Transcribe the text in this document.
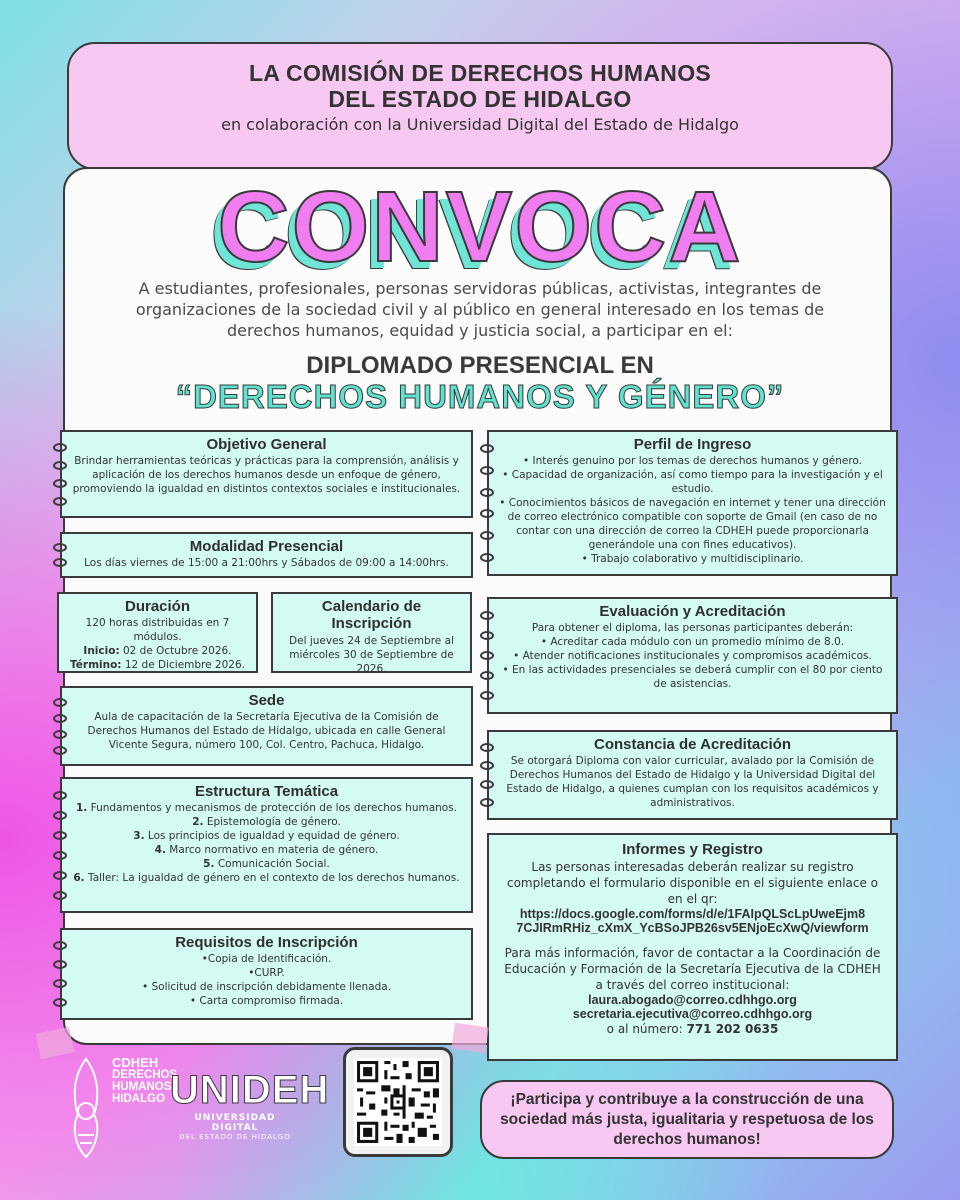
LA COMISIÓN DE DERECHOS HUMANOS
DEL ESTADO DE HIDALGO
en colaboración con la Universidad Digital del Estado de Hidalgo
CONVOCA
A estudiantes, profesionales, personas servidoras públicas, activistas, integrantes de organizaciones de la sociedad civil y al público en general interesado en los temas de derechos humanos, equidad y justicia social, a participar en el:
DIPLOMADO PRESENCIAL EN
“DERECHOS HUMANOS Y GÉNERO”
Objetivo General
Brindar herramientas teóricas y prácticas para la comprensión, análisis y aplicación de los derechos humanos desde un enfoque de género, promoviendo la igualdad en distintos contextos sociales e institucionales.
Modalidad Presencial
Los días viernes de 15:00 a 21:00hrs y Sábados de 09:00 a 14:00hrs.
Duración
120 horas distribuidas en 7 módulos.
Inicio: 02 de Octubre 2026.
Término: 12 de Diciembre 2026.
Calendario de Inscripción
Del jueves 24 de Septiembre al miércoles 30 de Septiembre de 2026.
Sede
Aula de capacitación de la Secretaría Ejecutiva de la Comisión de Derechos Humanos del Estado de Hidalgo, ubicada en calle General Vicente Segura, número 100, Col. Centro, Pachuca, Hidalgo.
Estructura Temática
1. Fundamentos y mecanismos de protección de los derechos humanos.
2. Epistemología de género.
3. Los principios de igualdad y equidad de género.
4. Marco normativo en materia de género.
5. Comunicación Social.
6. Taller: La igualdad de género en el contexto de los derechos humanos.
Requisitos de Inscripción
•Copia de Identificación.
•CURP.
• Solicitud de inscripción debidamente llenada.
• Carta compromiso firmada.
Perfil de Ingreso
• Interés genuino por los temas de derechos humanos y género.
• Capacidad de organización, así como tiempo para la investigación y el estudio.
• Conocimientos básicos de navegación en internet y tener una dirección de correo electrónico compatible con soporte de Gmail (en caso de no contar con una dirección de correo la CDHEH puede proporcionarla generándole una con fines educativos).
• Trabajo colaborativo y multidisciplinario.
Evaluación y Acreditación
Para obtener el diploma, las personas participantes deberán:
• Acreditar cada módulo con un promedio mínimo de 8.0.
• Atender notificaciones institucionales y compromisos académicos.
• En las actividades presenciales se deberá cumplir con el 80 por ciento de asistencias.
Constancia de Acreditación
Se otorgará Diploma con valor curricular, avalado por la Comisión de Derechos Humanos del Estado de Hidalgo y la Universidad Digital del Estado de Hidalgo, a quienes cumplan con los requisitos académicos y administrativos.
Informes y Registro
Las personas interesadas deberán realizar su registro completando el formulario disponible en el siguiente enlace o en el qr:
https://docs.google.com/forms/d/e/1FAIpQLScLpUweEjm8
7CJIRmRHiz_cXmX_YcBSoJPB26sv5ENjoEcXwQ/viewform
Para más información, favor de contactar a la Coordinación de Educación y Formación de la Secretaría Ejecutiva de la CDHEH a través del correo institucional:
laura.abogado@correo.cdhhgo.org
secretaria.ejecutiva@correo.cdhhgo.org
o al número: 771 202 0635
CDHEH
DERECHOS
HUMANOS
HIDALGO UNIDEH
UNIVERSIDAD DIGITAL
DEL ESTADO DE HIDALGO
¡Participa y contribuye a la construcción de una sociedad más justa, igualitaria y respetuosa de los derechos humanos!
